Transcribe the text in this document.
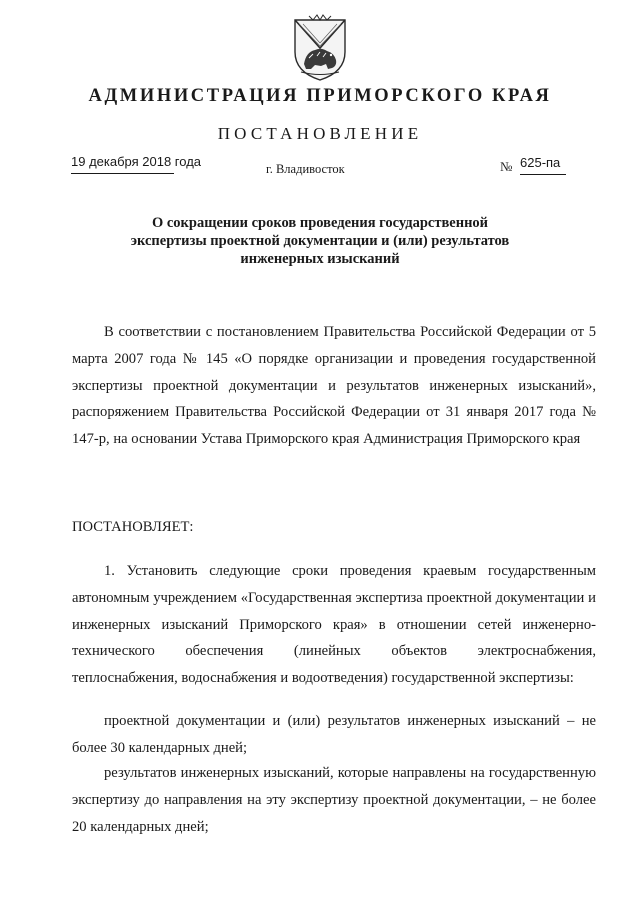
АДМИНИСТРАЦИЯ ПРИМОРСКОГО КРАЯ
ПОСТАНОВЛЕНИЕ
19 декабря 2018 года	г. Владивосток	№ 625-па
О сокращении сроков проведения государственной
экспертизы проектной документации и (или) результатов
инженерных изысканий

В соответствии с постановлением Правительства Российской Федерации от 5 марта 2007 года № 145 «О порядке организации и проведения государственной экспертизы проектной документации и результатов инженерных изысканий», распоряжением Правительства Российской Федерации от 31 января 2017 года № 147-р, на основании Устава Приморского края Администрация Приморского края

ПОСТАНОВЛЯЕТ:

1. Установить следующие сроки проведения краевым государственным автономным учреждением «Государственная экспертиза проектной документации и инженерных изысканий Приморского края» в отношении сетей инженерно-технического обеспечения (линейных объектов электроснабжения, теплоснабжения, водоснабжения и водоотведения) государственной экспертизы:

проектной документации и (или) результатов инженерных изысканий – не более 30 календарных дней;

результатов инженерных изысканий, которые направлены на государственную экспертизу до направления на эту экспертизу проектной документации, – не более 20 календарных дней;
